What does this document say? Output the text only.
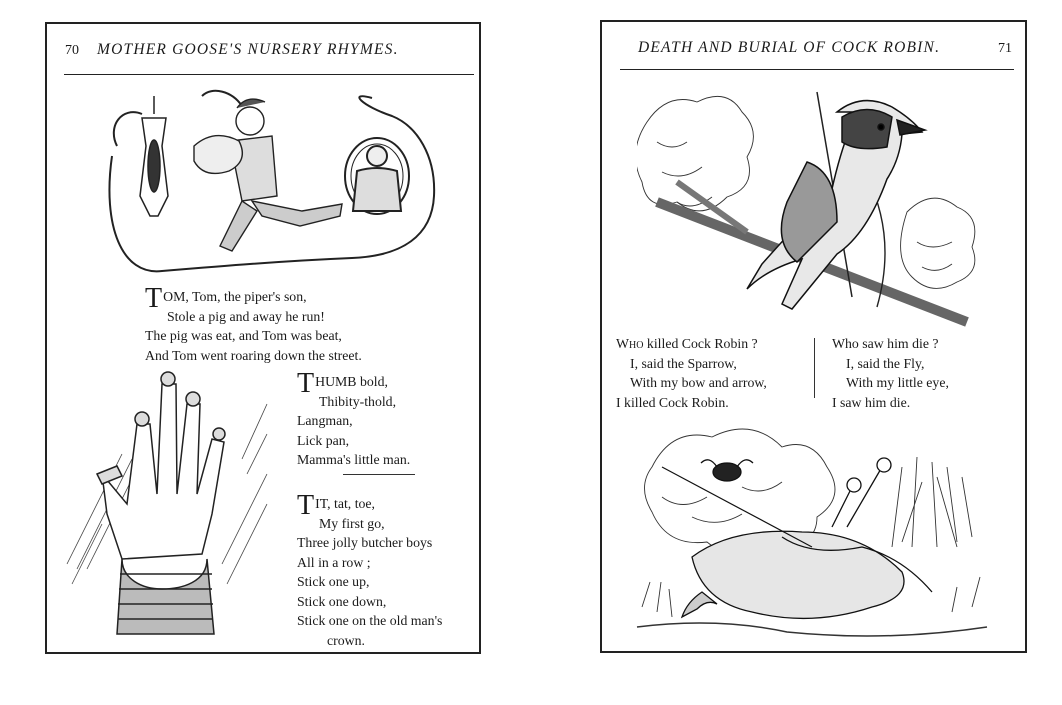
70 MOTHER GOOSE'S NURSERY RHYMES.
T OM, Tom, the piper's son,
Stole a pig and away he run!
The pig was eat, and Tom was beat,
And Tom went roaring down the street.
T HUMB bold,
Thibity-thold,
Langman,
Lick pan,
Mamma's little man.
T IT, tat, toe,
My first go,
Three jolly butcher boys
All in a row ;
Stick one up,
Stick one down,
Stick one on the old man's
crown.
DEATH AND BURIAL OF COCK ROBIN.	71
Who killed Cock Robin ?
I, said the Sparrow,
With my bow and arrow,
I killed Cock Robin.
Who saw him die ?
I, said the Fly,
With my little eye,
I saw him die.
